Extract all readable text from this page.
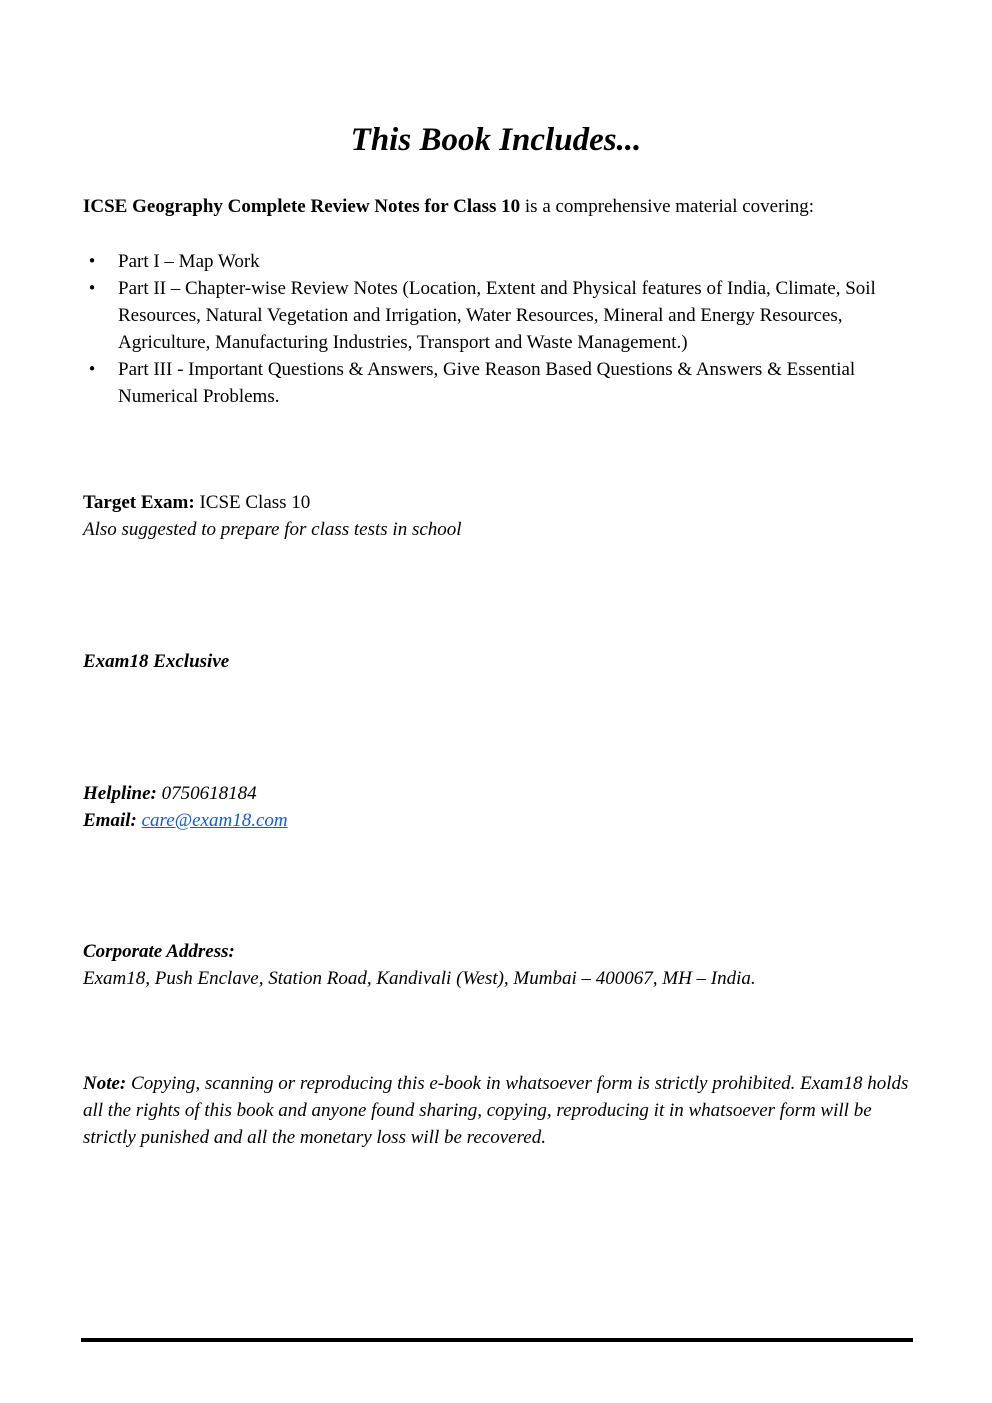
This Book Includes...

ICSE Geography Complete Review Notes for Class 10 is a comprehensive material covering:

• Part I – Map Work
• Part II – Chapter-wise Review Notes (Location, Extent and Physical features of India, Climate, Soil Resources, Natural Vegetation and Irrigation, Water Resources, Mineral and Energy Resources, Agriculture, Manufacturing Industries, Transport and Waste Management.)
• Part III - Important Questions & Answers, Give Reason Based Questions & Answers & Essential Numerical Problems.
Target Exam: ICSE Class 10
Also suggested to prepare for class tests in school
Exam18 Exclusive
Helpline: 0750618184
Email: care@exam18.com
Corporate Address:
Exam18, Push Enclave, Station Road, Kandivali (West), Mumbai – 400067, MH – India.

Note: Copying, scanning or reproducing this e-book in whatsoever form is strictly prohibited. Exam18 holds all the rights of this book and anyone found sharing, copying, reproducing it in whatsoever form will be strictly punished and all the monetary loss will be recovered.
